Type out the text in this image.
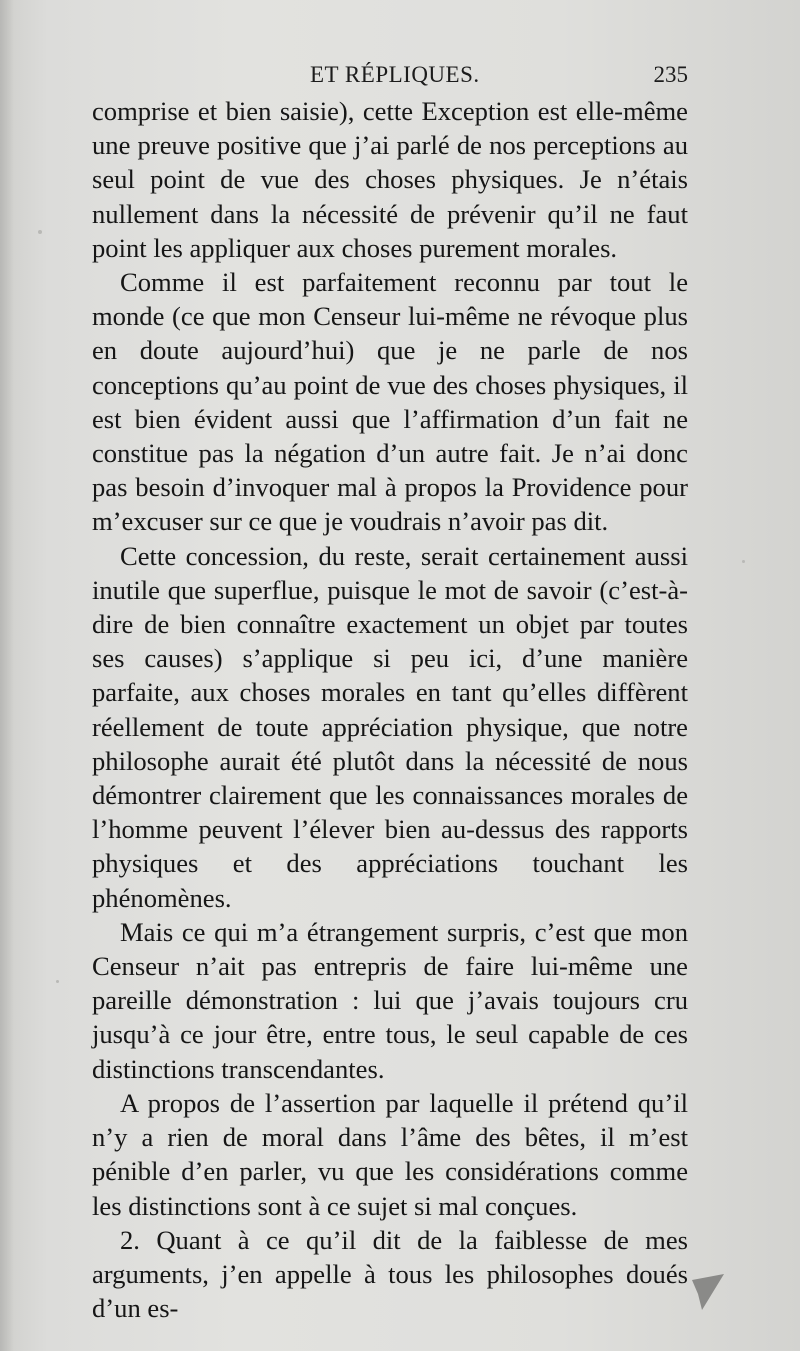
ET RÉPLIQUES.	235

comprise et bien saisie), cette Exception est elle-même une preuve positive que j’ai parlé de nos perceptions au seul point de vue des choses physiques. Je n’étais nullement dans la nécessité de prévenir qu’il ne faut point les appliquer aux choses purement morales.

Comme il est parfaitement reconnu par tout le monde (ce que mon Censeur lui-même ne révoque plus en doute aujourd’hui) que je ne parle de nos conceptions qu’au point de vue des choses physiques, il est bien évident aussi que l’affirmation d’un fait ne constitue pas la négation d’un autre fait. Je n’ai donc pas besoin d’invoquer mal à propos la Providence pour m’excuser sur ce que je voudrais n’avoir pas dit.

Cette concession, du reste, serait certainement aussi inutile que superflue, puisque le mot de savoir (c’est-à-dire de bien connaître exactement un objet par toutes ses causes) s’applique si peu ici, d’une manière parfaite, aux choses morales en tant qu’elles diffèrent réellement de toute appréciation physique, que notre philosophe aurait été plutôt dans la nécessité de nous démontrer clairement que les connaissances morales de l’homme peuvent l’élever bien au-dessus des rapports physiques et des appréciations touchant les phénomènes.

Mais ce qui m’a étrangement surpris, c’est que mon Censeur n’ait pas entrepris de faire lui-même une pareille démonstration : lui que j’avais toujours cru jusqu’à ce jour être, entre tous, le seul capable de ces distinctions transcendantes.

A propos de l’assertion par laquelle il prétend qu’il n’y a rien de moral dans l’âme des bêtes, il m’est pénible d’en parler, vu que les considérations comme les distinctions sont à ce sujet si mal conçues.

2. Quant à ce qu’il dit de la faiblesse de mes arguments, j’en appelle à tous les philosophes doués d’un es-
